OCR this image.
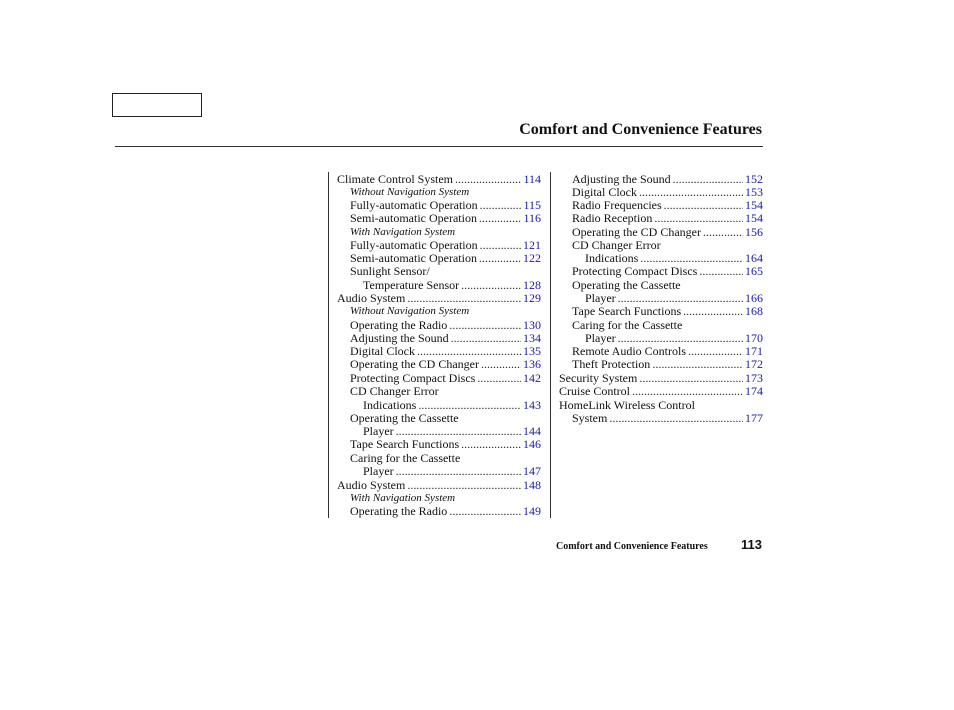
Comfort and Convenience Features
Climate Control System .....	114
Without Navigation System
Fully-automatic Operation .....	115
Semi-automatic Operation .....	116
With Navigation System
Fully-automatic Operation .....	121
Semi-automatic Operation .....	122
Sunlight Sensor/
Temperature Sensor .....	128
Audio System .....	129
Without Navigation System
Operating the Radio .....	130
Adjusting the Sound .....	134
Digital Clock .....	135
Operating the CD Changer .....	136
Protecting Compact Discs .....	142
CD Changer Error
Indications .....	143
Operating the Cassette
Player .....	144
Tape Search Functions .....	146
Caring for the Cassette
Player .....	147
Audio System .....	148
With Navigation System
Operating the Radio .....	149
Adjusting the Sound .....	152
Digital Clock .....	153
Radio Frequencies .....	154
Radio Reception .....	154
Operating the CD Changer .....	156
CD Changer Error
Indications .....	164
Protecting Compact Discs .....	165
Operating the Cassette
Player .....	166
Tape Search Functions .....	168
Caring for the Cassette
Player .....	170
Remote Audio Controls .....	171
Theft Protection .....	172
Security System .....	173
Cruise Control .....	174
HomeLink Wireless Control
System .....	177
Comfort and Convenience Features	113
